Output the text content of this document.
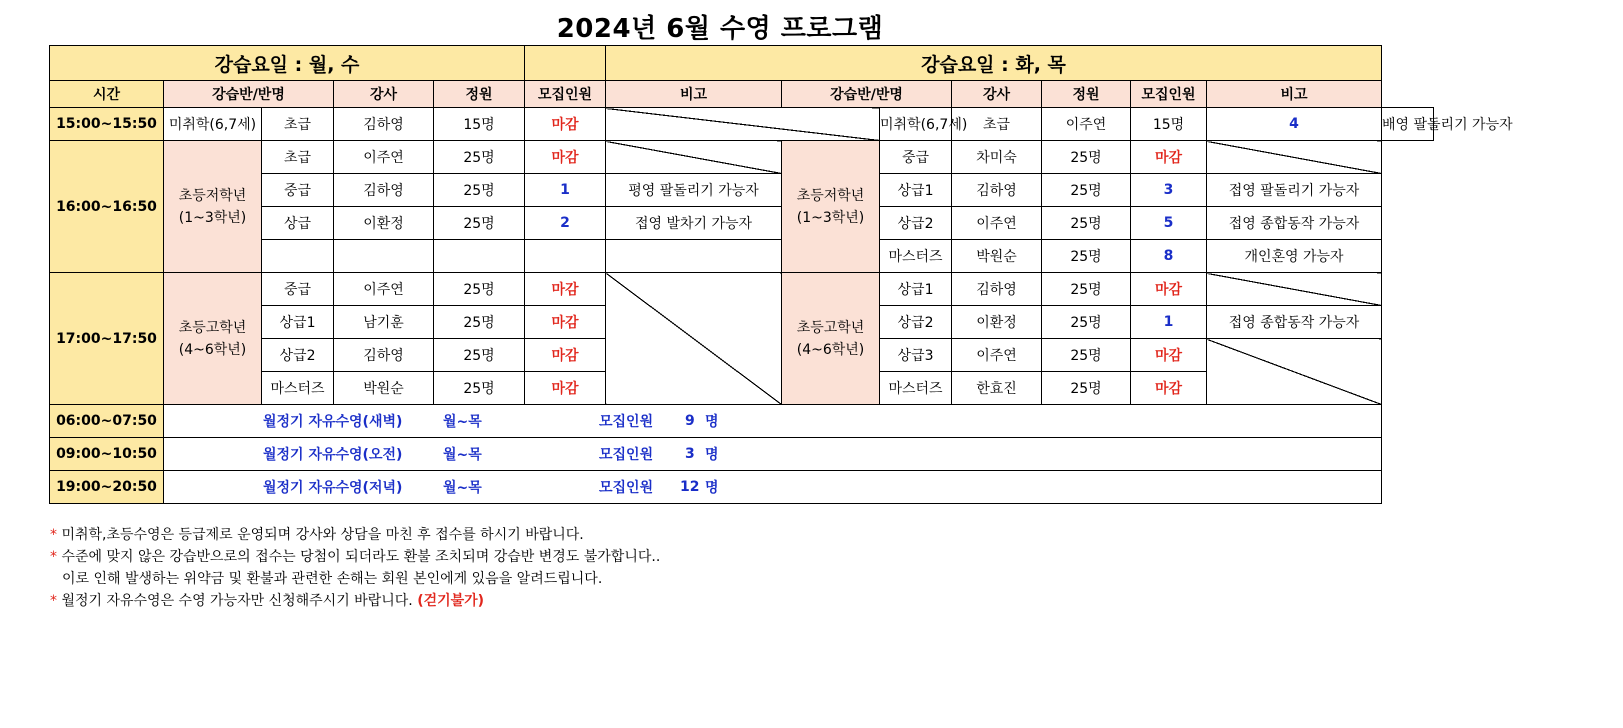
2024년 6월 수영 프로그램
강습요일 : 월, 수						강습요일 : 화, 목							
시간	강습반/반명		강사	정원	모집인원	비고	강습반/반명		강사	정원	모집인원	비고	
15:00~15:50	미취학(6,7세)	초급	김하영	15명	마감			미취학(6,7세)	초급	이주연	15명	4	배영 팔돌리기 가능자
16:00~16:50	초등저학년 (1~3학년)	초급	이주연	25명	마감		초등저학년 (1~3학년)	중급	차미숙	25명	마감		
		중급	김하영	25명	1	평영 팔돌리기 가능자		상급1	김하영	25명	3	접영 팔돌리기 가능자	
		상급	이환정	25명	2	접영 발차기 가능자		상급2	이주연	25명	5	접영 종합동작 가능자	
								마스터즈	박원순	25명	8	개인혼영 가능자	
17:00~17:50	초등고학년 (4~6학년)	중급	이주연	25명	마감		초등고학년 (4~6학년)	상급1	김하영	25명	마감		
		상급1	남기훈	25명	마감			상급2	이환정	25명	1	접영 종합동작 가능자	
		상급2	김하영	25명	마감			상급3	이주연	25명	마감		
		마스터즈	박원순	25명	마감			마스터즈	한효진	25명	마감		
06:00~07:50	월정기 자유수영(새벽) 월~목 모집인원 9 명												

09:00~10:50	월정기 자유수영(오전) 월~목 모집인원 3 명												

19:00~20:50	월정기 자유수영(저녁) 월~목 모집인원 12 명												
* 미취학,초등수영은 등급제로 운영되며 강사와 상담을 마친 후 접수를 하시기 바랍니다.
* 수준에 맞지 않은 강습반으로의 접수는 당첨이 되더라도 환불 조치되며 강습반 변경도 불가합니다..
이로 인해 발생하는 위약금 및 환불과 관련한 손해는 회원 본인에게 있음을 알려드립니다.
* 월정기 자유수영은 수영 가능자만 신청해주시기 바랍니다. (걷기불가)
